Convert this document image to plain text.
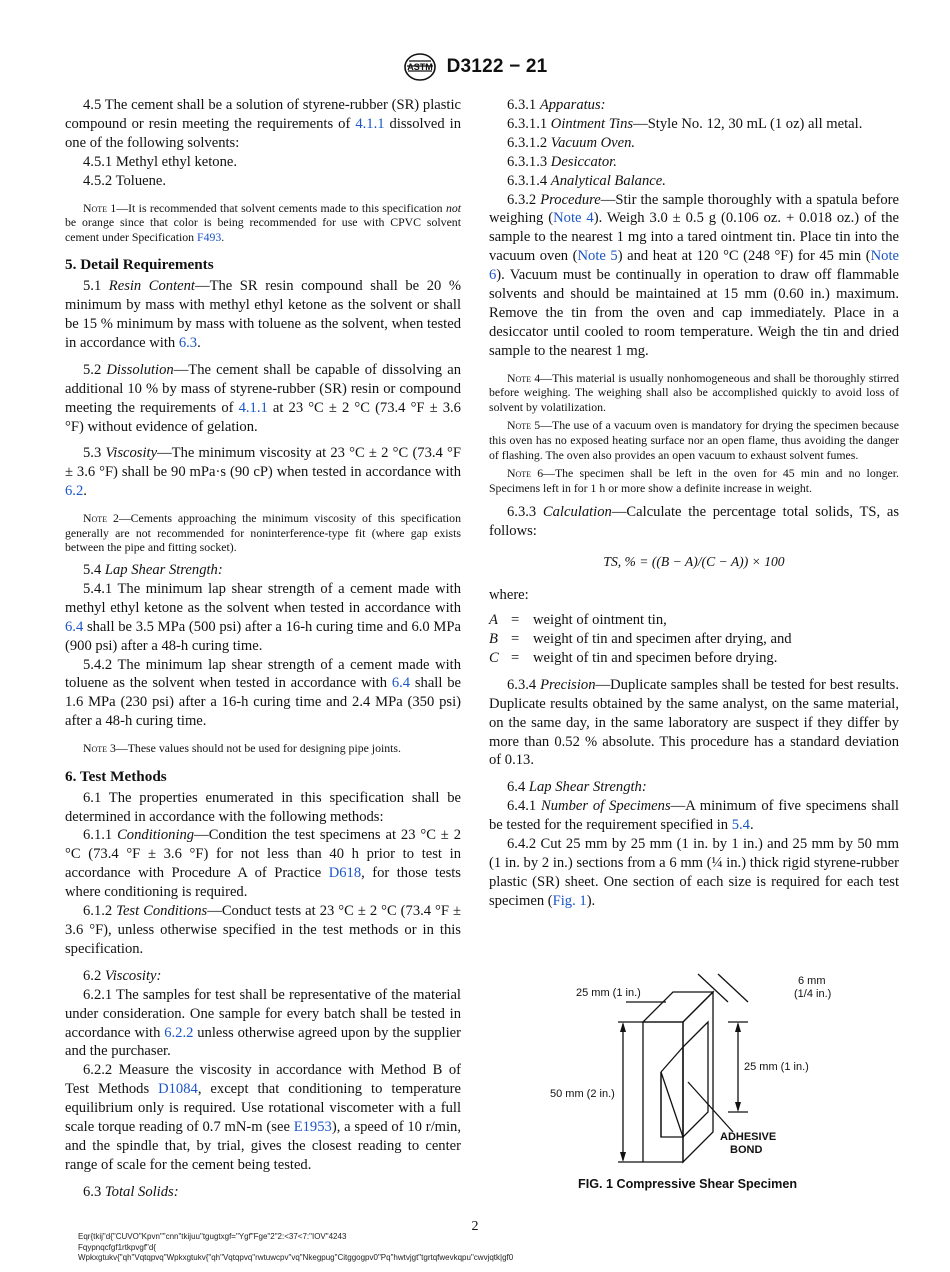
ASTM D3122 − 21

4.5 The cement shall be a solution of styrene-rubber (SR) plastic compound or resin meeting the requirements of 4.1.1 dissolved in one of the following solvents:

4.5.1 Methyl ethyl ketone.

4.5.2 Toluene.

Note 1—It is recommended that solvent cements made to this specification not be orange since that color is being recommended for use with CPVC solvent cement under Specification F493.

5. Detail Requirements

5.1 Resin Content—The SR resin compound shall be 20 % minimum by mass with methyl ethyl ketone as the solvent or shall be 15 % minimum by mass with toluene as the solvent, when tested in accordance with 6.3.

5.2 Dissolution—The cement shall be capable of dissolving an additional 10 % by mass of styrene-rubber (SR) resin or compound meeting the requirements of 4.1.1 at 23 °C ± 2 °C (73.4 °F ± 3.6 °F) without evidence of gelation.

5.3 Viscosity—The minimum viscosity at 23 °C ± 2 °C (73.4 °F ± 3.6 °F) shall be 90 mPa·s (90 cP) when tested in accordance with 6.2.

Note 2—Cements approaching the minimum viscosity of this specification generally are not recommended for noninterference-type fit (where gap exists between the pipe and fitting socket).

5.4 Lap Shear Strength:

5.4.1 The minimum lap shear strength of a cement made with methyl ethyl ketone as the solvent when tested in accordance with 6.4 shall be 3.5 MPa (500 psi) after a 16-h curing time and 6.0 MPa (900 psi) after a 48-h curing time.

5.4.2 The minimum lap shear strength of a cement made with toluene as the solvent when tested in accordance with 6.4 shall be 1.6 MPa (230 psi) after a 16-h curing time and 2.4 MPa (350 psi) after a 48-h curing time.

Note 3—These values should not be used for designing pipe joints.

6. Test Methods

6.1 The properties enumerated in this specification shall be determined in accordance with the following methods:

6.1.1 Conditioning—Condition the test specimens at 23 °C ± 2 °C (73.4 °F ± 3.6 °F) for not less than 40 h prior to test in accordance with Procedure A of Practice D618, for those tests where conditioning is required.

6.1.2 Test Conditions—Conduct tests at 23 °C ± 2 °C (73.4 °F ± 3.6 °F), unless otherwise specified in the test methods or in this specification.

6.2 Viscosity:

6.2.1 The samples for test shall be representative of the material under consideration. One sample for every batch shall be tested in accordance with 6.2.2 unless otherwise agreed upon by the supplier and the purchaser.

6.2.2 Measure the viscosity in accordance with Method B of Test Methods D1084, except that conditioning to temperature equilibrium only is required. Use rotational viscometer with a full scale torque reading of 0.7 mN-m (see E1953), a speed of 10 r/min, and the spindle that, by trial, gives the closest reading to center range of scale for the cement being tested.

6.3 Total Solids:

6.3.1 Apparatus:

6.3.1.1 Ointment Tins—Style No. 12, 30 mL (1 oz) all metal.

6.3.1.2 Vacuum Oven.

6.3.1.3 Desiccator.

6.3.1.4 Analytical Balance.

6.3.2 Procedure—Stir the sample thoroughly with a spatula before weighing (Note 4). Weigh 3.0 ± 0.5 g (0.106 oz. + 0.018 oz.) of the sample to the nearest 1 mg into a tared ointment tin. Place tin into the vacuum oven (Note 5) and heat at 120 °C (248 °F) for 45 min (Note 6). Vacuum must be continually in operation to draw off flammable solvents and should be maintained at 15 mm (0.60 in.) maximum. Remove the tin from the oven and cap immediately. Place in a desiccator until cooled to room temperature. Weigh the tin and dried sample to the nearest 1 mg.

Note 4—This material is usually nonhomogeneous and shall be thoroughly stirred before weighing. The weighing shall also be accomplished quickly to avoid loss of solvent by volatilization.

Note 5—The use of a vacuum oven is mandatory for drying the specimen because this oven has no exposed heating surface nor an open flame, thus avoiding the danger of flashing. The oven also provides an open vacuum to exhaust solvent fumes.

Note 6—The specimen shall be left in the oven for 45 min and no longer. Specimens left in for 1 h or more show a definite increase in weight.

6.3.3 Calculation—Calculate the percentage total solids, TS, as follows:

TS, % = ((B − A)/(C − A)) × 100

where:

A = weight of ointment tin,
B = weight of tin and specimen after drying, and
C = weight of tin and specimen before drying.

6.3.4 Precision—Duplicate samples shall be tested for best results. Duplicate results obtained by the same analyst, on the same material, on the same day, in the same laboratory are suspect if they differ by more than 0.52 % absolute. This procedure has a standard deviation of 0.13.

6.4 Lap Shear Strength:

6.4.1 Number of Specimens—A minimum of five specimens shall be tested for the requirement specified in 5.4.

6.4.2 Cut 25 mm by 25 mm (1 in. by 1 in.) and 25 mm by 50 mm (1 in. by 2 in.) sections from a 6 mm (¼ in.) thick rigid styrene-rubber plastic (SR) sheet. One section of each size is required for each test specimen (Fig. 1).

25 mm (1 in.)
6 mm
(1/4 in.)
25 mm (1 in.)
50 mm (2 in.)
ADHESIVE
BOND
FIG. 1 Compressive Shear Specimen
2
Eqr{tkij"d{"CUVO"Kpvn""cnn"tkijuu"tgugtxgf="Ygf"Fge"2"2:<37<7:"IOV"4243
Fqypnqcfgf1rtkpvgf"d{
Wpkxgtukv{"qh"Vqtqpvq"Wpkxgtukv{"qh"Vqtqpvq"rwtuwcpv"vq"Nkegpug"Citggogpv0"Pq"hwtvjgt"tgrtqfwevkqpu"cwvjqtk|gf0
